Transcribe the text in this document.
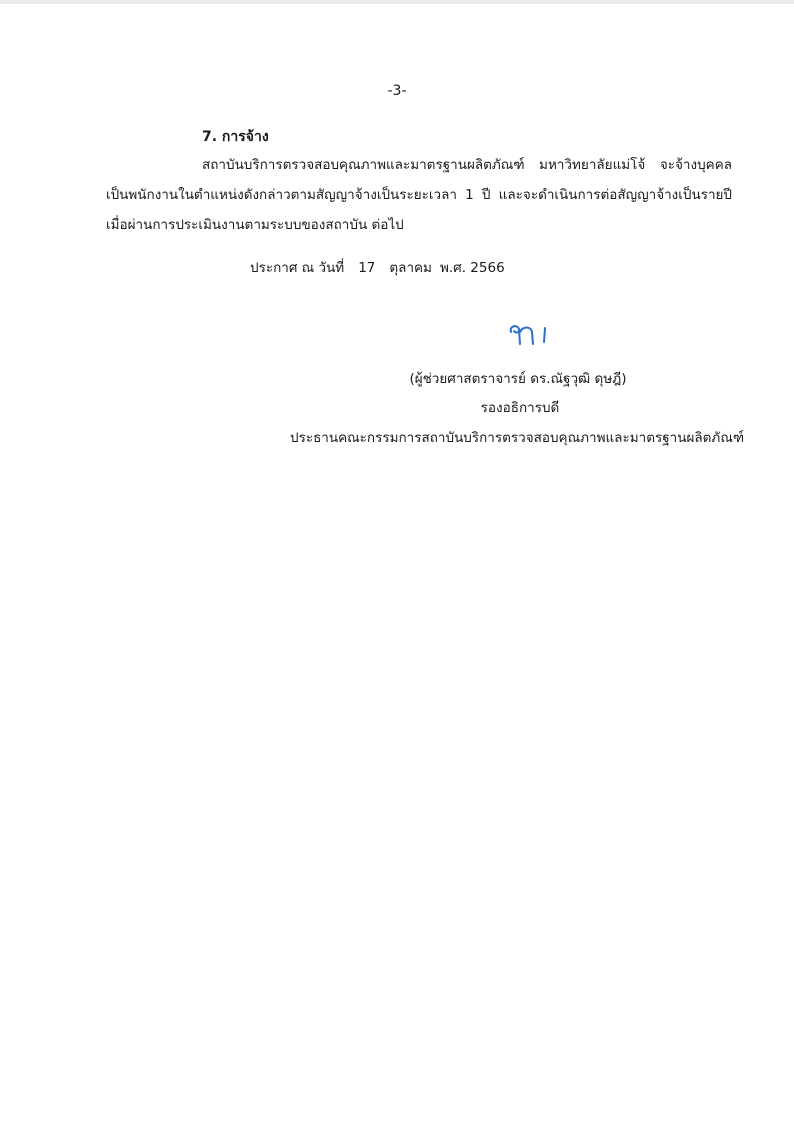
-3-
7. การจ้าง
สถาบันบริการตรวจสอบคุณภาพและมาตรฐานผลิตภัณฑ์ มหาวิทยาลัยแม่โจ้ จะจ้างบุคคล
เป็นพนักงานในตำแหน่งดังกล่าวตามสัญญาจ้างเป็นระยะเวลา 1 ปี และจะดำเนินการต่อสัญญาจ้างเป็นรายปี
เมื่อผ่านการประเมินงานตามระบบของสถาบัน ต่อไป
ประกาศ ณ วันที่ 17 ตุลาคม พ.ศ. 2566
(ผู้ช่วยศาสตราจารย์ ดร.ณัฐวุฒิ ดุษฎี)
รองอธิการบดี
ประธานคณะกรรมการสถาบันบริการตรวจสอบคุณภาพและมาตรฐานผลิตภัณฑ์
